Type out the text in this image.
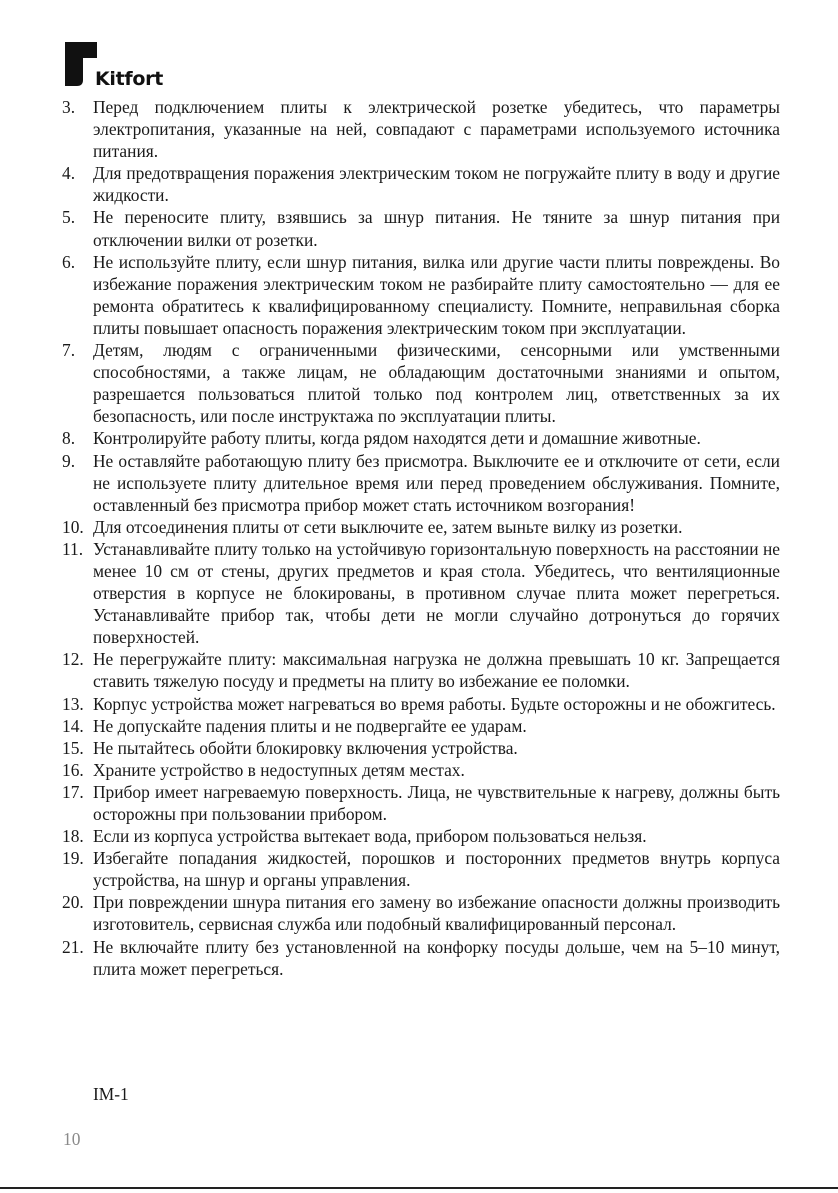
Kitfort
3. Перед подключением плиты к электрической розетке убедитесь, что параметры электропитания, указанные на ней, совпадают с параметрами используемого источника питания.
4. Для предотвращения поражения электрическим током не погружайте плиту в воду и другие жидкости.
5. Не переносите плиту, взявшись за шнур питания. Не тяните за шнур питания при отключении вилки от розетки.
6. Не используйте плиту, если шнур питания, вилка или другие части плиты повреждены. Во избежание поражения электрическим током не разбирайте плиту самостоятельно — для ее ремонта обратитесь к квалифицированному специалисту. Помните, неправильная сборка плиты повышает опасность поражения электрическим током при эксплуатации.
7. Детям, людям с ограниченными физическими, сенсорными или умственными способностями, а также лицам, не обладающим достаточными знаниями и опытом, разрешается пользоваться плитой только под контролем лиц, ответственных за их безопасность, или после инструктажа по эксплуатации плиты.
8. Контролируйте работу плиты, когда рядом находятся дети и домашние животные.
9. Не оставляйте работающую плиту без присмотра. Выключите ее и отключите от сети, если не используете плиту длительное время или перед проведением обслуживания. Помните, оставленный без присмотра прибор может стать источником возгорания!
10. Для отсоединения плиты от сети выключите ее, затем выньте вилку из розетки.
11. Устанавливайте плиту только на устойчивую горизонтальную поверхность на расстоянии не менее 10 см от стены, других предметов и края стола. Убедитесь, что вентиляционные отверстия в корпусе не блокированы, в противном случае плита может перегреться. Устанавливайте прибор так, чтобы дети не могли случайно дотронуться до горячих поверхностей.
12. Не перегружайте плиту: максимальная нагрузка не должна превышать 10 кг. Запрещается ставить тяжелую посуду и предметы на плиту во избежание ее поломки.
13. Корпус устройства может нагреваться во время работы. Будьте осторожны и не обожгитесь.
14. Не допускайте падения плиты и не подвергайте ее ударам.
15. Не пытайтесь обойти блокировку включения устройства.
16. Храните устройство в недоступных детям местах.
17. Прибор имеет нагреваемую поверхность. Лица, не чувствительные к нагреву, должны быть осторожны при пользовании прибором.
18. Если из корпуса устройства вытекает вода, прибором пользоваться нельзя.
19. Избегайте попадания жидкостей, порошков и посторонних предметов внутрь корпуса устройства, на шнур и органы управления.
20. При повреждении шнура питания его замену во избежание опасности должны производить изготовитель, сервисная служба или подобный квалифицированный персонал.
21. Не включайте плиту без установленной на конфорку посуды дольше, чем на 5–10 минут, плита может перегреться.
IM-1
10
